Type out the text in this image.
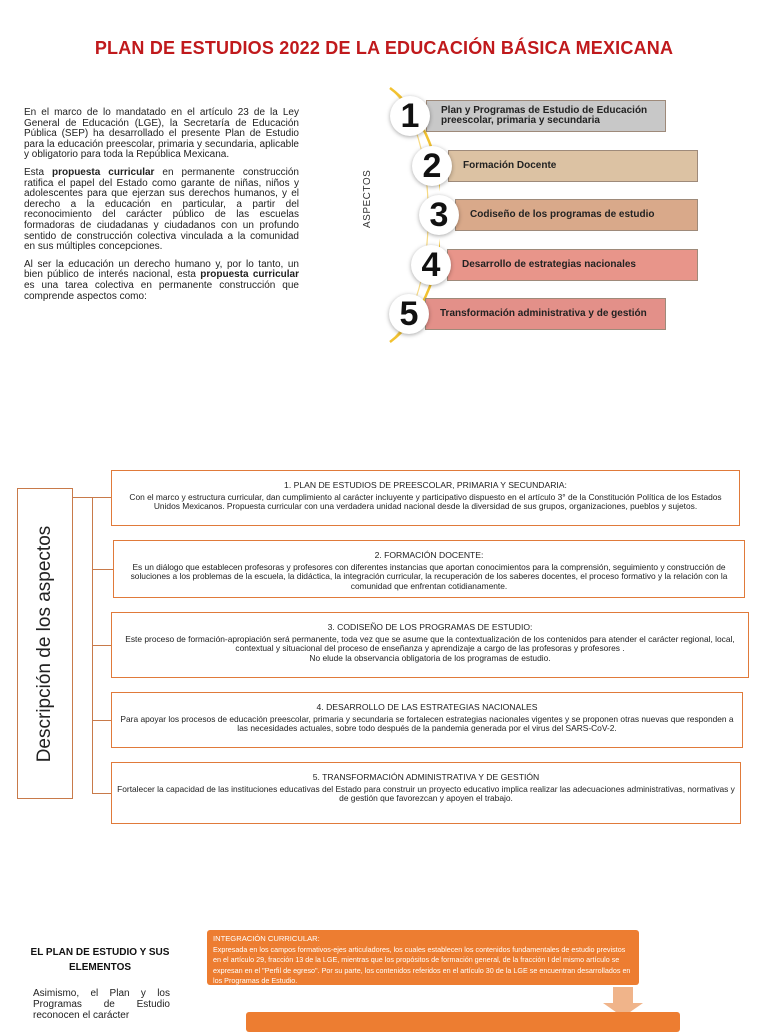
PLAN DE ESTUDIOS 2022 DE LA EDUCACIÓN BÁSICA MEXICANA

En el marco de lo mandatado en el artículo 23 de la Ley General de Educación (LGE), la Secretaría de Educación Pública (SEP) ha desarrollado el presente Plan de Estudio para la educación preescolar, primaria y secundaria, aplicable y obligatorio para toda la República Mexicana.

Esta propuesta curricular en permanente construcción ratifica el papel del Estado como garante de niñas, niños y adolescentes para que ejerzan sus derechos humanos, y el derecho a la educación en particular, a partir del reconocimiento del carácter público de las escuelas formadoras de ciudadanas y ciudadanos con un profundo sentido de construcción colectiva vinculada a la comunidad en sus múltiples concepciones.

Al ser la educación un derecho humano y, por lo tanto, un bien público de interés nacional, esta propuesta curricular es una tarea colectiva en permanente construcción que comprende aspectos como:

ASPECTOS
Plan y Programas de Estudio de Educación preescolar, primaria y secundaria
1
Formación Docente
2
Codiseño de los programas de estudio
3
Desarrollo de estrategias nacionales
4
Transformación administrativa y de gestión
5
Descripción de los aspectos
1. PLAN DE ESTUDIOS DE PREESCOLAR, PRIMARIA Y SECUNDARIA:
Con el marco y estructura curricular, dan cumplimiento al carácter incluyente y participativo dispuesto en el artículo 3° de la Constitución Política de los Estados Unidos Mexicanos. Propuesta curricular con una verdadera unidad nacional desde la diversidad de sus grupos, organizaciones, pueblos y sujetos.
2. FORMACIÓN DOCENTE:
Es un diálogo que establecen profesoras y profesores con diferentes instancias que aportan conocimientos para la comprensión, seguimiento y construcción de soluciones a los problemas de la escuela, la didáctica, la integración curricular, la recuperación de los saberes docentes, el proceso formativo y la relación con la comunidad que enfrentan cotidianamente.
3. CODISEÑO DE LOS PROGRAMAS DE ESTUDIO:
Este proceso de formación-apropiación será permanente, toda vez que se asume que la contextualización de los contenidos para atender el carácter regional, local, contextual y situacional del proceso de enseñanza y aprendizaje a cargo de las profesoras y profesores .
No elude la observancia obligatoria de los programas de estudio.
4. DESARROLLO DE LAS ESTRATEGIAS NACIONALES
Para apoyar los procesos de educación preescolar, primaria y secundaria se fortalecen estrategias nacionales vigentes y se proponen otras nuevas que responden a las necesidades actuales, sobre todo después de la pandemia generada por el virus del SARS-CoV-2.
5. TRANSFORMACIÓN ADMINISTRATIVA Y DE GESTIÓN
Fortalecer la capacidad de las instituciones educativas del Estado para construir un proyecto educativo implica realizar las adecuaciones administrativas, normativas y de gestión que favorezcan y apoyen el trabajo.
EL PLAN DE ESTUDIO Y SUS ELEMENTOS
Asimismo, el Plan y los Programas de Estudio reconocen el carácter
INTEGRACIÓN CURRICULAR:
Expresada en los campos formativos-ejes articuladores, los cuales establecen los contenidos fundamentales de estudio previstos en el artículo 29, fracción 13 de la LGE, mientras que los propósitos de formación general, de la fracción I del mismo artículo se expresan en el "Perfil de egreso". Por su parte, los contenidos referidos en el artículo 30 de la LGE se encuentran desarrollados en los Programas de Estudio.
